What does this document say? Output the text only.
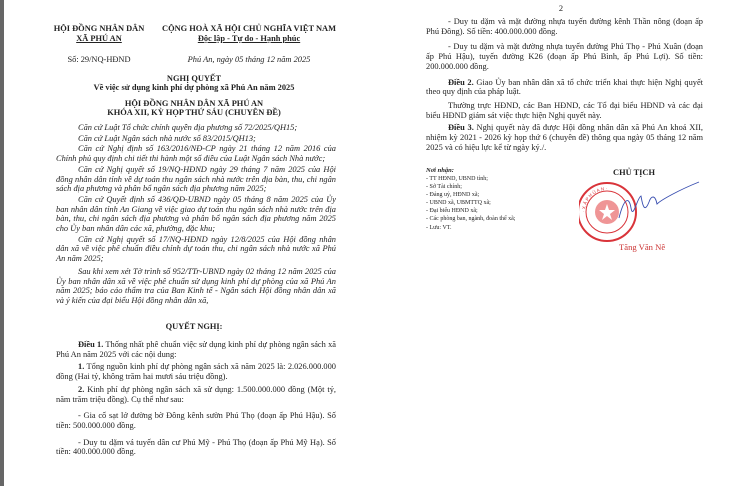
HỘI ĐỒNG NHÂN DÂN
XÃ PHÚ AN
CỘNG HOÀ XÃ HỘI CHỦ NGHĨA VIỆT NAM
Độc lập - Tự do - Hạnh phúc
Số: 29/NQ-HĐND	Phú An, ngày 05 tháng 12 năm 2025
NGHỊ QUYẾT
Về việc sử dụng kinh phí dự phòng xã Phú An năm 2025
HỘI ĐỒNG NHÂN DÂN XÃ PHÚ AN
KHÓA XII, KỲ HỌP THỨ SÁU (CHUYÊN ĐỀ)

Căn cứ Luật Tổ chức chính quyền địa phương số 72/2025/QH15;

Căn cứ Luật Ngân sách nhà nước số 83/2015/QH13;

Căn cứ Nghị định số 163/2016/NĐ-CP ngày 21 tháng 12 năm 2016 của Chính phủ quy định chi tiết thi hành một số điều của Luật Ngân sách Nhà nước;

Căn cứ Nghị quyết số 19/NQ-HĐND ngày 29 tháng 7 năm 2025 của Hội đồng nhân dân tỉnh về dự toán thu ngân sách nhà nước trên địa bàn, thu, chi ngân sách địa phương và phân bổ ngân sách địa phương năm 2025;

Căn cứ Quyết định số 436/QĐ-UBND ngày 05 tháng 8 năm 2025 của Ủy ban nhân dân tỉnh An Giang về việc giao dự toán thu ngân sách nhà nước trên địa bàn, thu, chi ngân sách địa phương và phân bổ ngân sách địa phương năm 2025 cho Ủy ban nhân dân các xã, phường, đặc khu;

Căn cứ Nghị quyết số 17/NQ-HĐND ngày 12/8/2025 của Hội đồng nhân dân xã về việc phê chuẩn điều chỉnh dự toán thu, chi ngân sách nhà nước xã Phú An năm 2025;

Sau khi xem xét Tờ trình số 952/TTr-UBND ngày 02 tháng 12 năm 2025 của Ủy ban nhân dân xã về việc phê chuẩn sử dụng kinh phí dự phòng của xã Phú An năm 2025; báo cáo thẩm tra của Ban Kinh tế - Ngân sách Hội đồng nhân dân xã và ý kiến của đại biểu Hội đồng nhân dân xã,

QUYẾT NGHỊ:

Điều 1. Thống nhất phê chuẩn việc sử dụng kinh phí dự phòng ngân sách xã Phú An năm 2025 với các nội dung:

1. Tổng nguồn kinh phí dự phòng ngân sách xã năm 2025 là: 2.026.000.000 đồng (Hai tỷ, không trăm hai mươi sáu triệu đồng).

2. Kinh phí dự phòng ngân sách xã sử dụng: 1.500.000.000 đồng (Một tỷ, năm trăm triệu đồng). Cụ thể như sau:

- Gia cố sạt lở đường bờ Đông kênh sườn Phú Thọ (đoạn ấp Phú Hậu). Số tiền: 500.000.000 đồng.

- Duy tu dặm vá tuyến dân cư Phú Mỹ - Phú Thọ (đoạn ấp Phú Mỹ Hạ). Số tiền: 400.000.000 đồng.

2

- Duy tu dặm và mặt đường nhựa tuyến đường kênh Thần nông (đoạn ấp Phú Đông). Số tiền: 400.000.000 đồng.

- Duy tu dặm và mặt đường nhựa tuyến đường Phú Thọ - Phú Xuân (đoạn ấp Phú Hậu), tuyến đường K26 (đoạn ấp Phú Bình, ấp Phú Lợi). Số tiền: 200.000.000 đồng.

Điều 2. Giao Ủy ban nhân dân xã tổ chức triển khai thực hiện Nghị quyết theo quy định của pháp luật.

Thường trực HĐND, các Ban HĐND, các Tổ đại biểu HĐND và các đại biểu HĐND giám sát việc thực hiện Nghị quyết này.

Điều 3. Nghị quyết này đã được Hội đồng nhân dân xã Phú An khoá XII, nhiệm kỳ 2021 - 2026 kỳ họp thứ 6 (chuyên đề) thông qua ngày 05 tháng 12 năm 2025 và có hiệu lực kể từ ngày ký./.

Nơi nhận:
- TT HĐND, UBND tỉnh;
- Sở Tài chính;
- Đảng uỷ, HĐND xã;
- UBND xã, UBMTTQ xã;
- Đại biểu HĐND xã;
- Các phòng ban, ngành, đoàn thể xã;
- Lưu: VT.
CHỦ TỊCH
· X Ã P H Ú A N ·
Tăng Văn Nê
